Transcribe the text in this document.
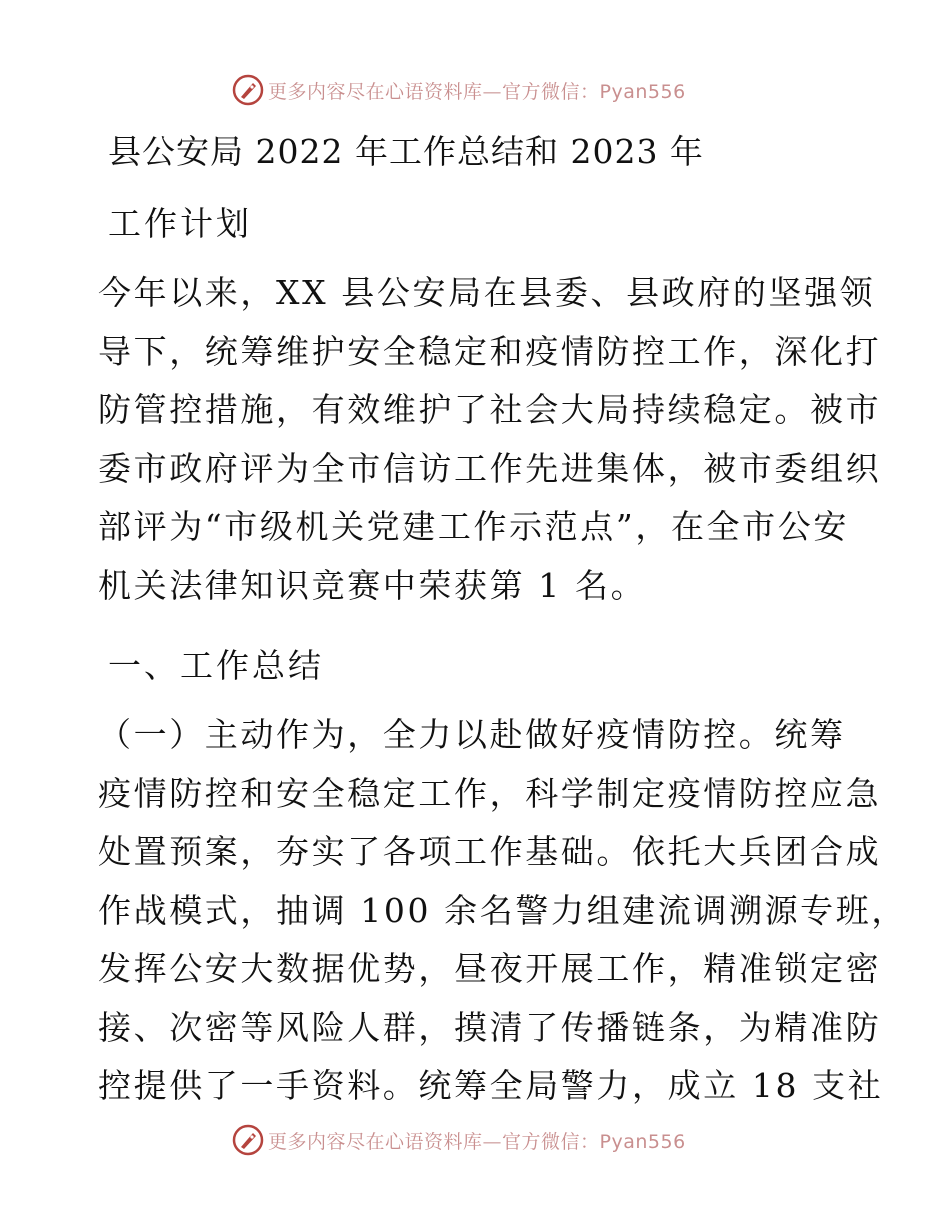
更多内容尽在心语资料库—官方微信：Pyan556
县公安局 2022 年工作总结和 2023 年
工作计划
今年以来，XX 县公安局在县委、县政府的坚强领
导下，统筹维护安全稳定和疫情防控工作，深化打
防管控措施，有效维护了社会大局持续稳定。被市
委市政府评为全市信访工作先进集体，被市委组织
部评为“市级机关党建工作示范点”，在全市公安
机关法律知识竞赛中荣获第 1 名。
一、工作总结
（一）主动作为，全力以赴做好疫情防控。统筹
疫情防控和安全稳定工作，科学制定疫情防控应急
处置预案，夯实了各项工作基础。依托大兵团合成
作战模式，抽调 100 余名警力组建流调溯源专班，
发挥公安大数据优势，昼夜开展工作，精准锁定密
接、次密等风险人群，摸清了传播链条，为精准防
控提供了一手资料。统筹全局警力，成立 18 支社
更多内容尽在心语资料库—官方微信：Pyan556
